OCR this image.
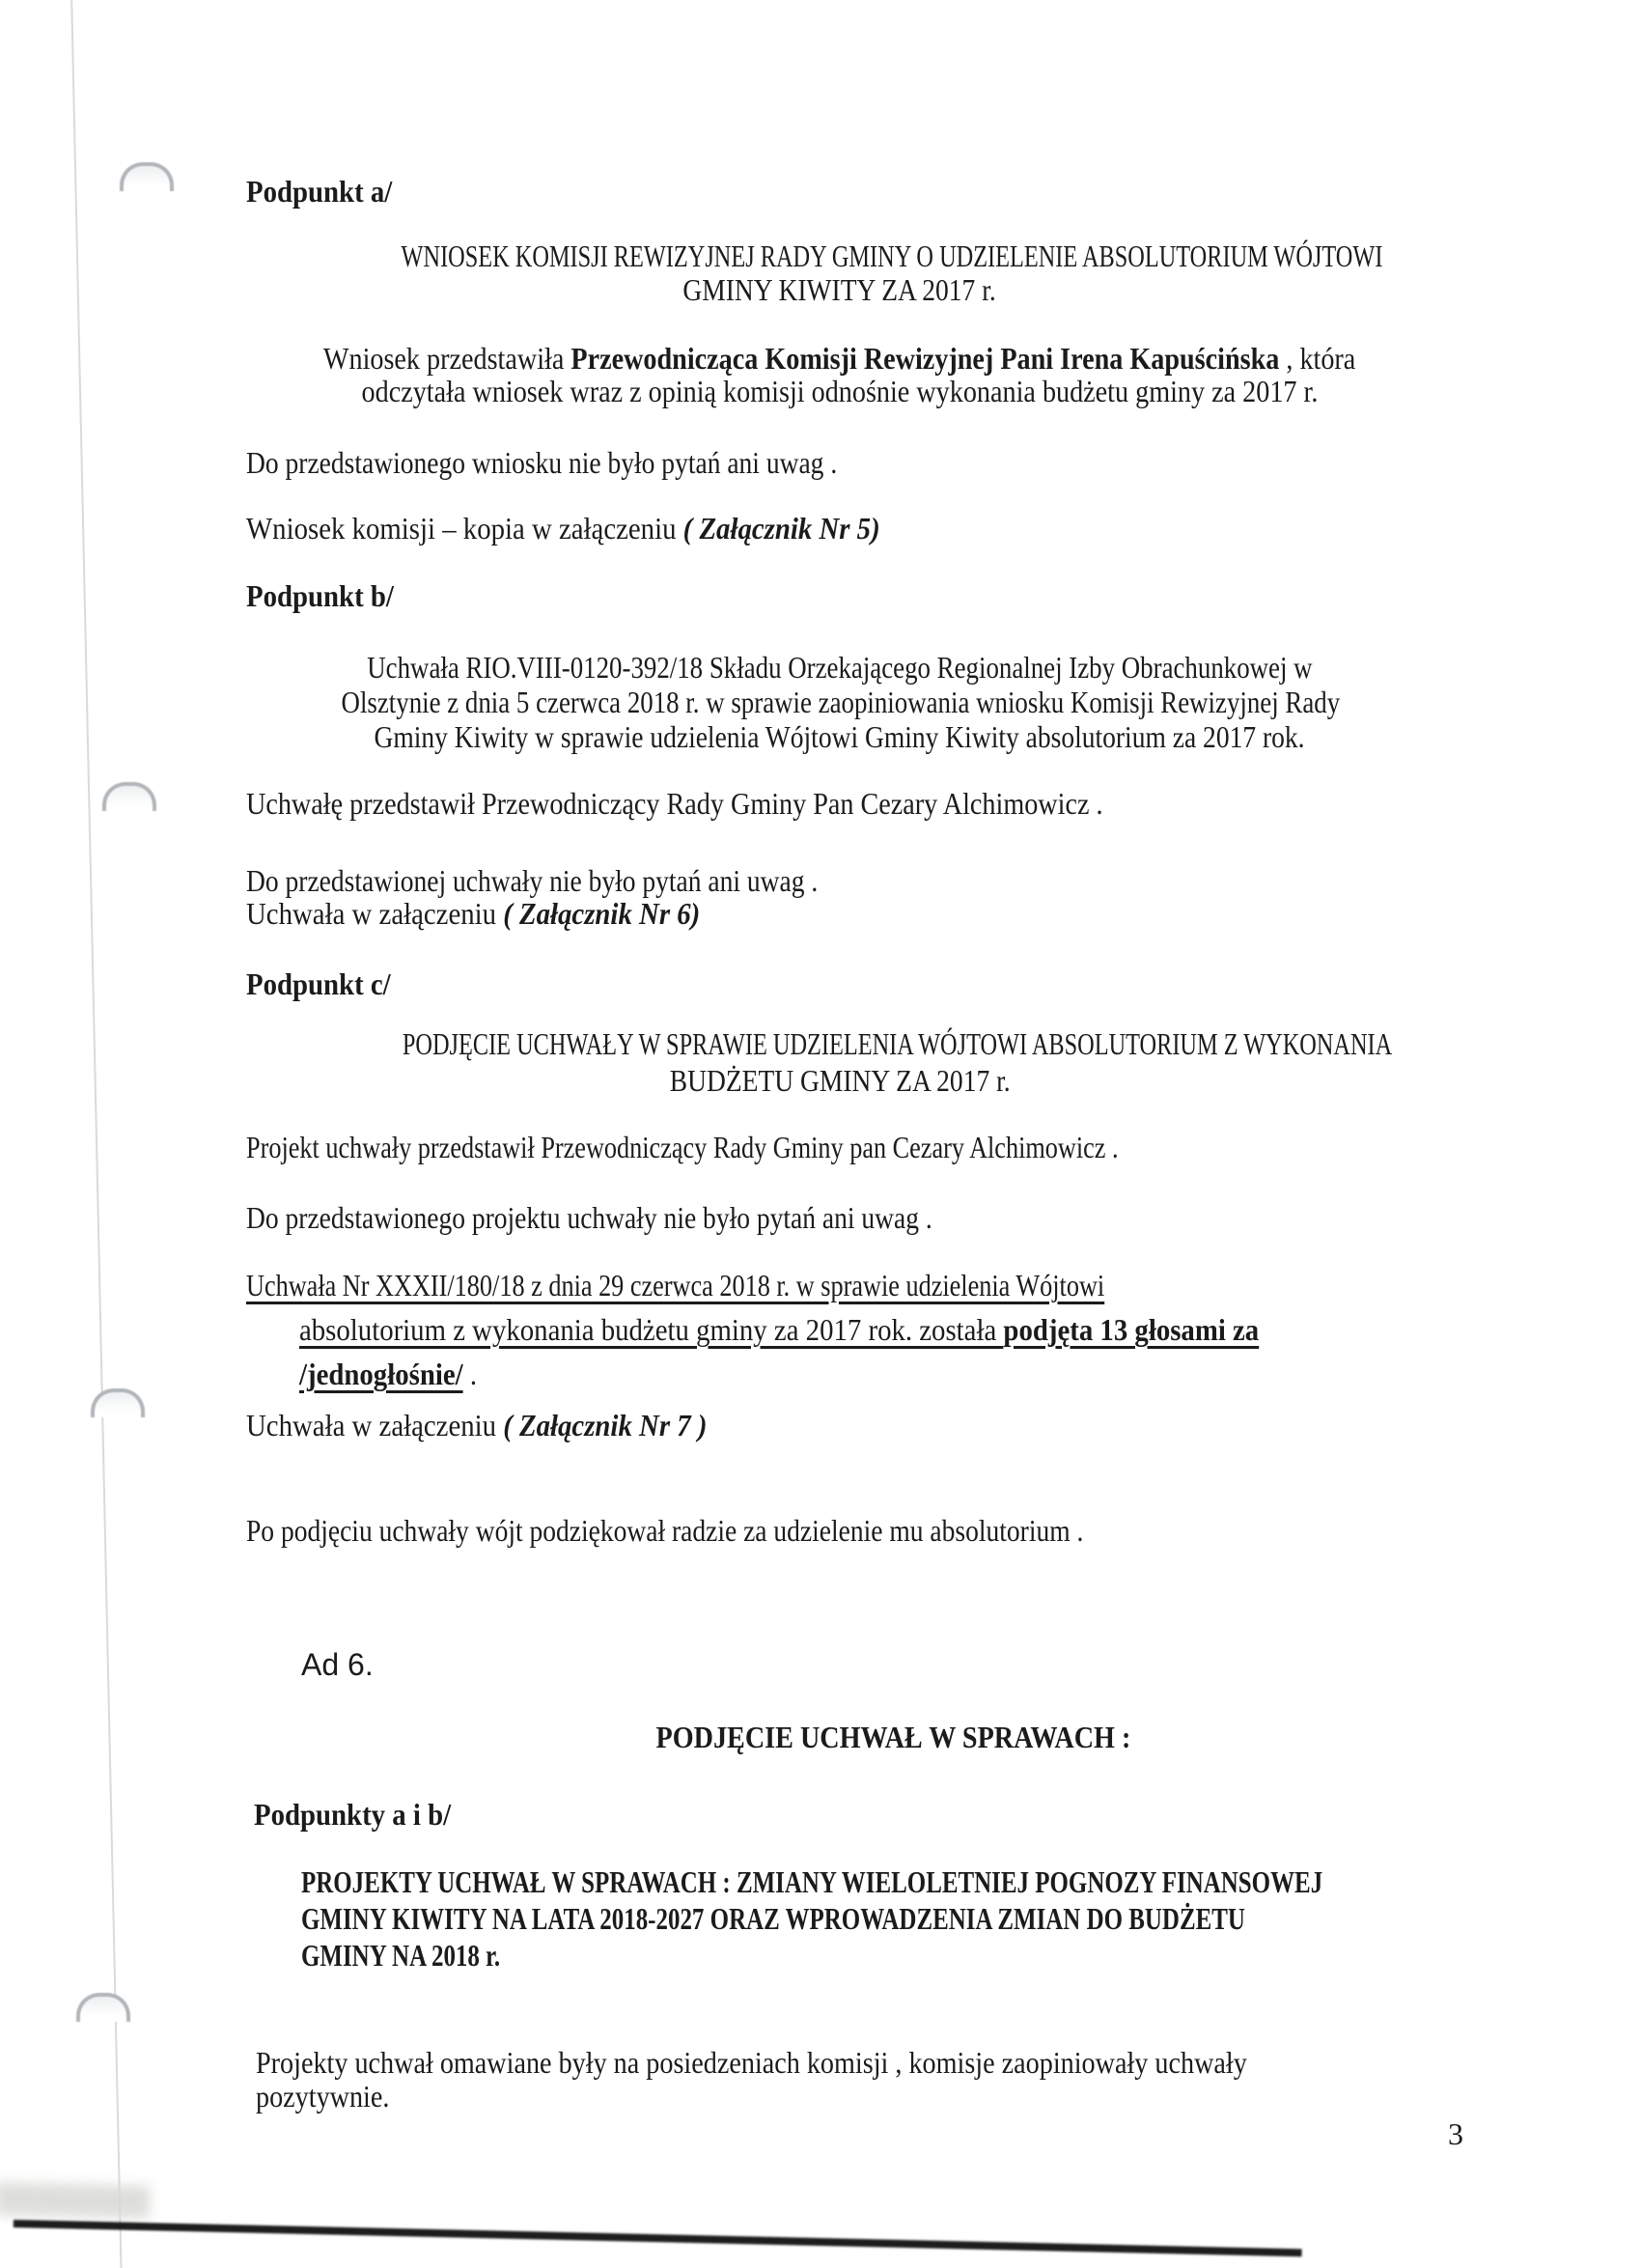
Podpunkt a/
WNIOSEK KOMISJI REWIZYJNEJ RADY GMINY O UDZIELENIE ABSOLUTORIUM WÓJTOWI
GMINY KIWITY ZA 2017 r.
Wniosek przedstawiła Przewodnicząca Komisji Rewizyjnej Pani Irena Kapuścińska , która
odczytała wniosek wraz z opinią komisji odnośnie wykonania budżetu gminy za 2017 r.
Do przedstawionego wniosku nie było pytań ani uwag .
Wniosek komisji – kopia w załączeniu ( Załącznik Nr 5)
Podpunkt b/
Uchwała RIO.VIII-0120-392/18 Składu Orzekającego Regionalnej Izby Obrachunkowej w
Olsztynie z dnia 5 czerwca 2018 r. w sprawie zaopiniowania wniosku Komisji Rewizyjnej Rady
Gminy Kiwity w sprawie udzielenia Wójtowi Gminy Kiwity absolutorium za 2017 rok.
Uchwałę przedstawił Przewodniczący Rady Gminy Pan Cezary Alchimowicz .
Do przedstawionej uchwały nie było pytań ani uwag .
Uchwała w załączeniu ( Załącznik Nr 6)
Podpunkt c/
PODJĘCIE UCHWAŁY W SPRAWIE UDZIELENIA WÓJTOWI ABSOLUTORIUM Z WYKONANIA
BUDŻETU GMINY ZA 2017 r.
Projekt uchwały przedstawił Przewodniczący Rady Gminy pan Cezary Alchimowicz .
Do przedstawionego projektu uchwały nie było pytań ani uwag .
Uchwała Nr XXXII/180/18 z dnia 29 czerwca 2018 r. w sprawie udzielenia Wójtowi
absolutorium z wykonania budżetu gminy za 2017 rok. została podjęta 13 głosami za
/jednogłośnie/ .
Uchwała w załączeniu ( Załącznik Nr 7 )
Po podjęciu uchwały wójt podziękował radzie za udzielenie mu absolutorium .
Ad 6.
PODJĘCIE UCHWAŁ W SPRAWACH :
Podpunkty a i b/
PROJEKTY UCHWAŁ W SPRAWACH : ZMIANY WIELOLETNIEJ POGNOZY FINANSOWEJ
GMINY KIWITY NA LATA 2018-2027 ORAZ WPROWADZENIA ZMIAN DO BUDŻETU
GMINY NA 2018 r.
Projekty uchwał omawiane były na posiedzeniach komisji , komisje zaopiniowały uchwały
pozytywnie.
3
